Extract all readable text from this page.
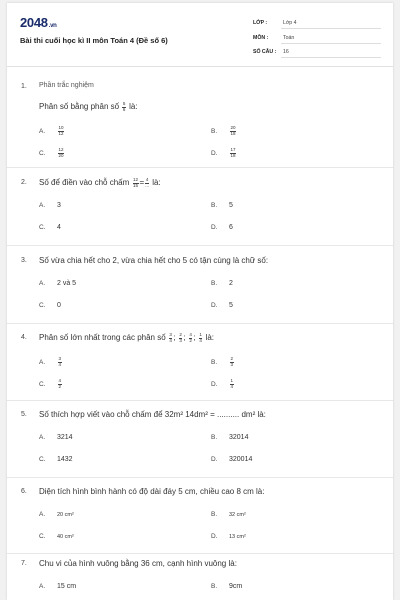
2048.vn
Bài thi cuối học kì II môn Toán 4 (Đề số 6)
LỚP :	Lớp 4
MÔN :	Toán
SỐ CÂU : 16
1. Phần trắc nghiệm
Phân số bằng phân số $\frac{5}{6}$ là:
A.	$\frac{10}{12}$	B.	$\frac{20}{18}$
C.	$\frac{12}{20}$	D.	$\frac{17}{18}$
2. Số để điền vào chỗ chấm $\frac{12}{15} = 4$
... là:
A. 3	B. 5
C. 4	D. 6
3. Số vừa chia hết cho 2, vừa chia hết cho 5 có tận cùng là chữ số:
A. 2 và 5	B. 2
C. 0	D. 5
4. Phân số lớn nhất trong các phân số $\frac{3}{4}$ ; $\frac{2}{3}$ ; $\frac{4}{2}$ ; $\frac{1}{4}$ là:
A.	$\frac{3}{4}$	B.	$\frac{2}{3}$
C.	$\frac{4}{2}$	D.	$\frac{1}{4}$
5. Số thích hợp viết vào chỗ chấm để 32m² 14dm² = .......... dm² là:
A. 3214	B. 32014
C. 1432	D. 320014
6. Diện tích hình bình hành có độ dài đáy 5 cm, chiều cao 8 cm là:
A. 20 cm²	B. 32 cm²
C. 40 cm²	D. 13 cm²
7. Chu vi của hình vuông bằng 36 cm, cạnh hình vuông là:
A. 15 cm	B. 9cm
